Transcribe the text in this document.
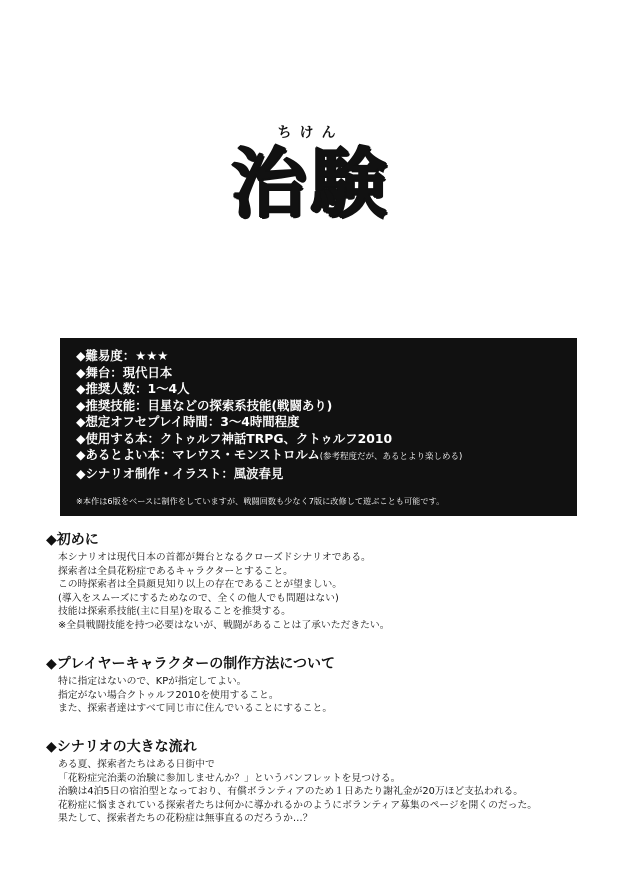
ちけん
治験
◆難易度：★★★
◆舞台：現代日本
◆推奨人数：1～4人
◆推奨技能：目星などの探索系技能(戦闘あり)
◆想定オフセプレイ時間：3～4時間程度
◆使用する本：クトゥルフ神話TRPG、クトゥルフ2010
◆あるとよい本：マレウス・モンストロルム(参考程度だが、あるとより楽しめる)
◆シナリオ制作・イラスト：風波春見
※本作は6版をベースに制作をしていますが、戦闘回数も少なく7版に改修して遊ぶことも可能です。
◆初めに
本シナリオは現代日本の首都が舞台となるクローズドシナリオである。
探索者は全員花粉症であるキャラクターとすること。
この時探索者は全員顔見知り以上の存在であることが望ましい。
(導入をスムーズにするためなので、全くの他人でも問題はない)
技能は探索系技能(主に目星)を取ることを推奨する。
※全員戦闘技能を持つ必要はないが、戦闘があることは了承いただきたい。
◆プレイヤーキャラクターの制作方法について
特に指定はないので、KPが指定してよい。
指定がない場合クトゥルフ2010を使用すること。
また、探索者達はすべて同じ市に住んでいることにすること。
◆シナリオの大きな流れ
ある夏、探索者たちはある日街中で
「花粉症完治薬の治験に参加しませんか？」というパンフレットを見つける。
治験は4泊5日の宿泊型となっており、有償ボランティアのため１日あたり謝礼金が20万ほど支払われる。
花粉症に悩まされている探索者たちは何かに導かれるかのようにボランティア募集のページを開くのだった。
果たして、探索者たちの花粉症は無事直るのだろうか…？
